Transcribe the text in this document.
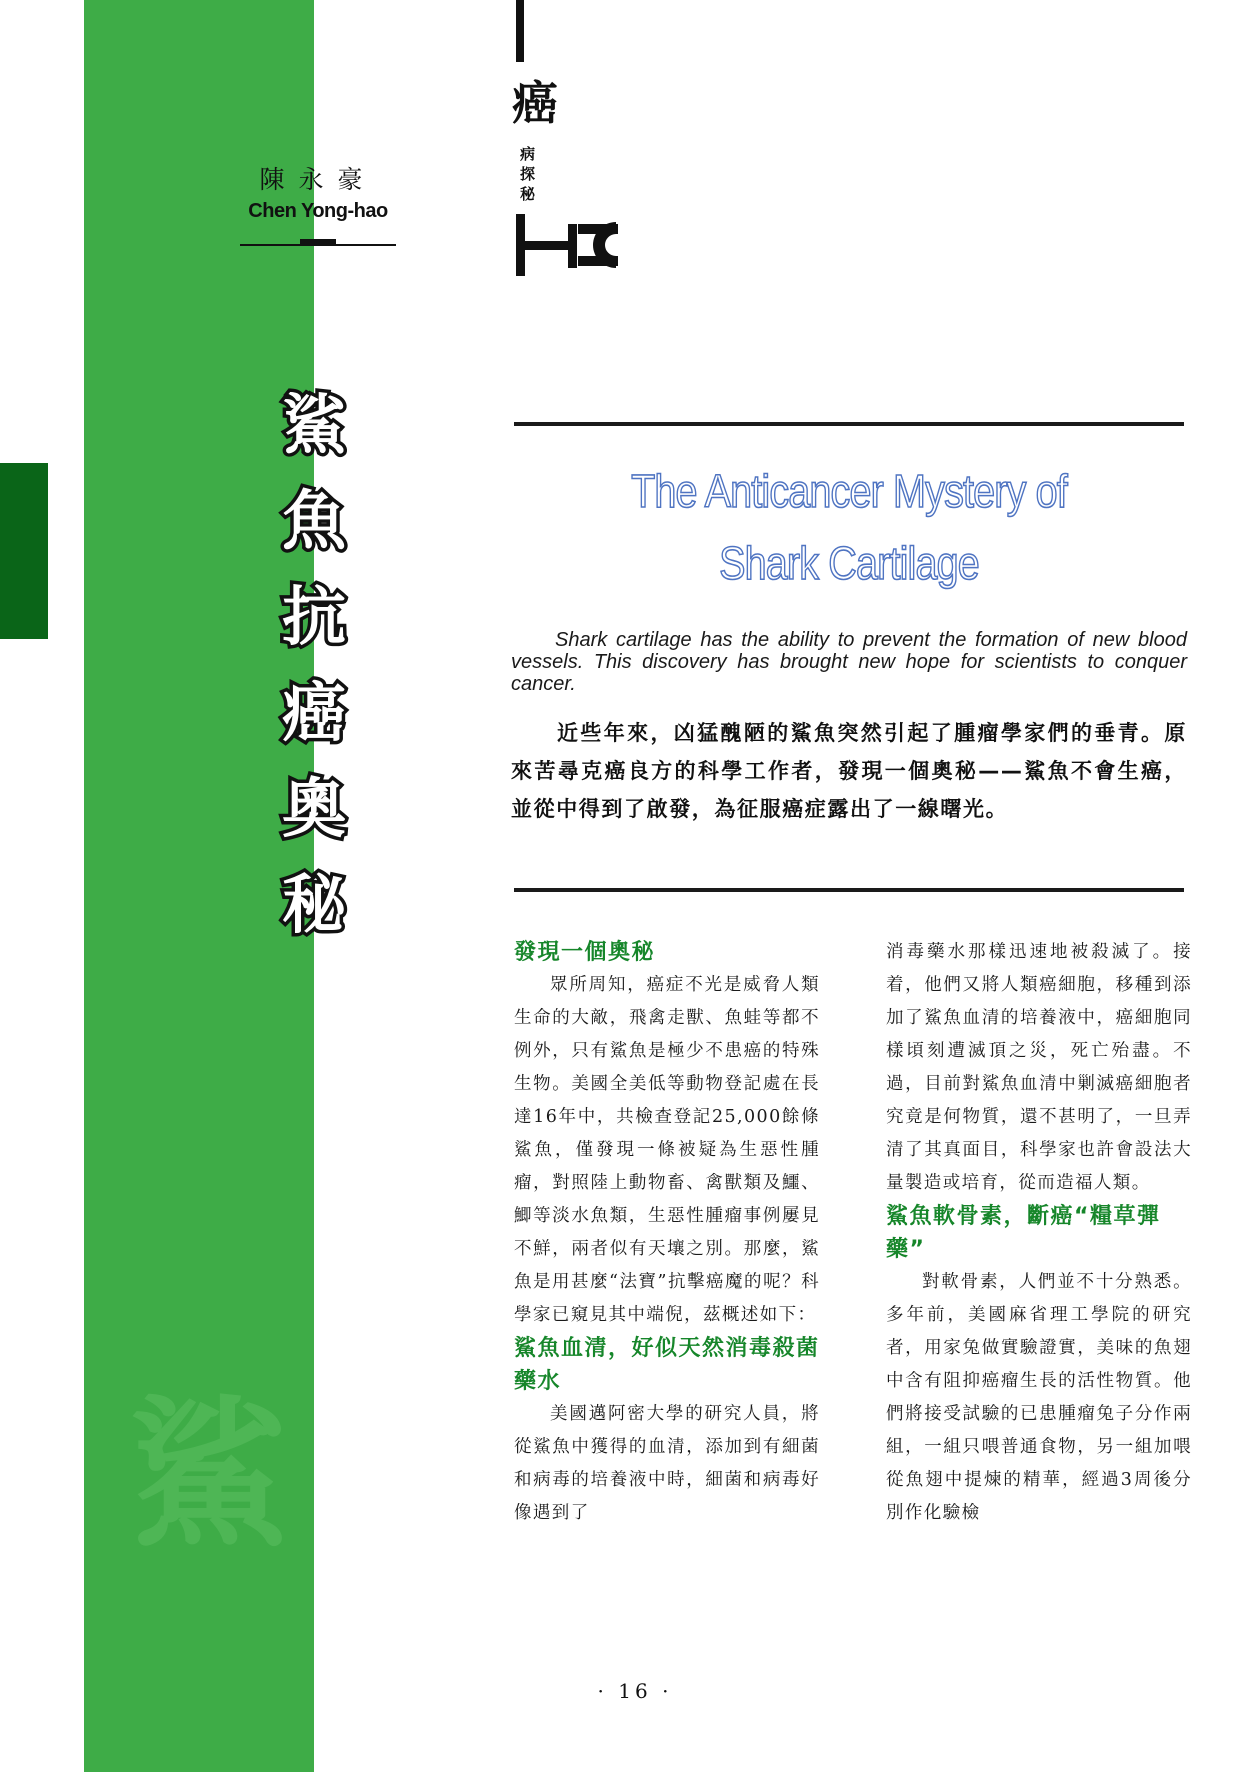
鯊
陳永豪
Chen Yong-hao
鯊
魚
抗
癌
奧
秘
癌
病探秘
The Anticancer Mystery of
Shark Cartilage
Shark cartilage has the ability to prevent the formation of new blood vessels. This discovery has brought new hope for scientists to conquer cancer.
近些年來，凶猛醜陋的鯊魚突然引起了腫瘤學家們的垂青。原來苦尋克癌良方的科學工作者，發現一個奧秘——鯊魚不會生癌，並從中得到了啟發，為征服癌症露出了一線曙光。
發現一個奧秘

眾所周知，癌症不光是威脅人類生命的大敵，飛禽走獸、魚蛙等都不例外，只有鯊魚是極少不患癌的特殊生物。美國全美低等動物登記處在長達16年中，共檢查登記25,000餘條鯊魚，僅發現一條被疑為生惡性腫瘤，對照陸上動物畜、禽獸類及鱷、鯽等淡水魚類，生惡性腫瘤事例屢見不鮮，兩者似有天壤之別。那麼，鯊魚是用甚麼“法寶”抗擊癌魔的呢？科學家已窺見其中端倪，茲概述如下：

鯊魚血清，好似天然消毒殺菌藥水

美國邁阿密大學的研究人員，將從鯊魚中獲得的血清，添加到有細菌和病毒的培養液中時，細菌和病毒好像遇到了

消毒藥水那樣迅速地被殺滅了。接着，他們又將人類癌細胞，移種到添加了鯊魚血清的培養液中，癌細胞同樣頃刻遭滅頂之災，死亡殆盡。不過，目前對鯊魚血清中剿滅癌細胞者究竟是何物質，還不甚明了，一旦弄清了其真面目，科學家也許會設法大量製造或培育，從而造福人類。

鯊魚軟骨素，斷癌“糧草彈藥”

對軟骨素，人們並不十分熟悉。多年前，美國麻省理工學院的研究者，用家兔做實驗證實，美味的魚翅中含有阻抑癌瘤生長的活性物質。他們將接受試驗的已患腫瘤兔子分作兩組，一組只喂普通食物，另一組加喂從魚翅中提煉的精華，經過3周後分別作化驗檢

· 16 ·
